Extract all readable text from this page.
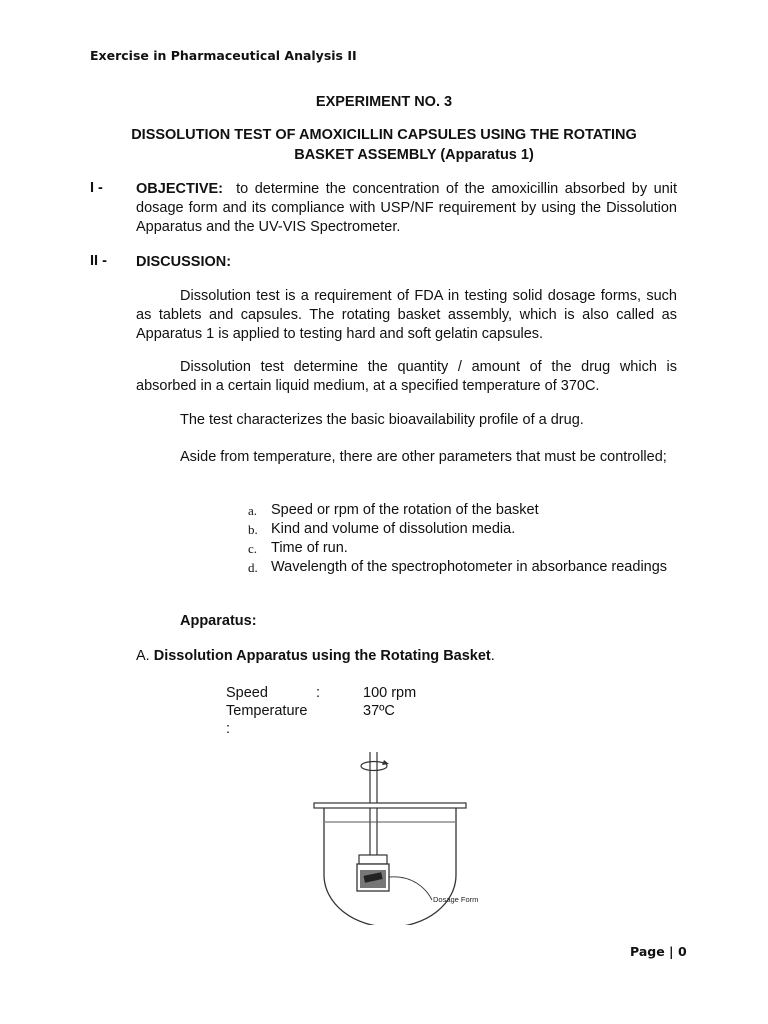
Exercise in Pharmaceutical Analysis II
EXPERIMENT NO. 3
DISSOLUTION TEST OF AMOXICILLIN CAPSULES USING THE ROTATING
BASKET ASSEMBLY (Apparatus 1)
I - OBJECTIVE: to determine the concentration of the amoxicillin absorbed by unit dosage form and its compliance with USP/NF requirement by using the Dissolution Apparatus and the UV-VIS Spectrometer.
II - DISCUSSION:
Dissolution test is a requirement of FDA in testing solid dosage forms, such as tablets and capsules. The rotating basket assembly, which is also called as Apparatus 1 is applied to testing hard and soft gelatin capsules.
Dissolution test determine the quantity / amount of the drug which is absorbed in a certain liquid medium, at a specified temperature of 370C.
The test characterizes the basic bioavailability profile of a drug.
Aside from temperature, there are other parameters that must be controlled;
a. Speed or rpm of the rotation of the basket
b. Kind and volume of dissolution media.
c. Time of run.
d. Wavelength of the spectrophotometer in absorbance readings
Apparatus:
A. Dissolution Apparatus using the Rotating Basket.
Speed	:	100 rpm
Temperature :
37ºC
Dosage Form
Page | 0
